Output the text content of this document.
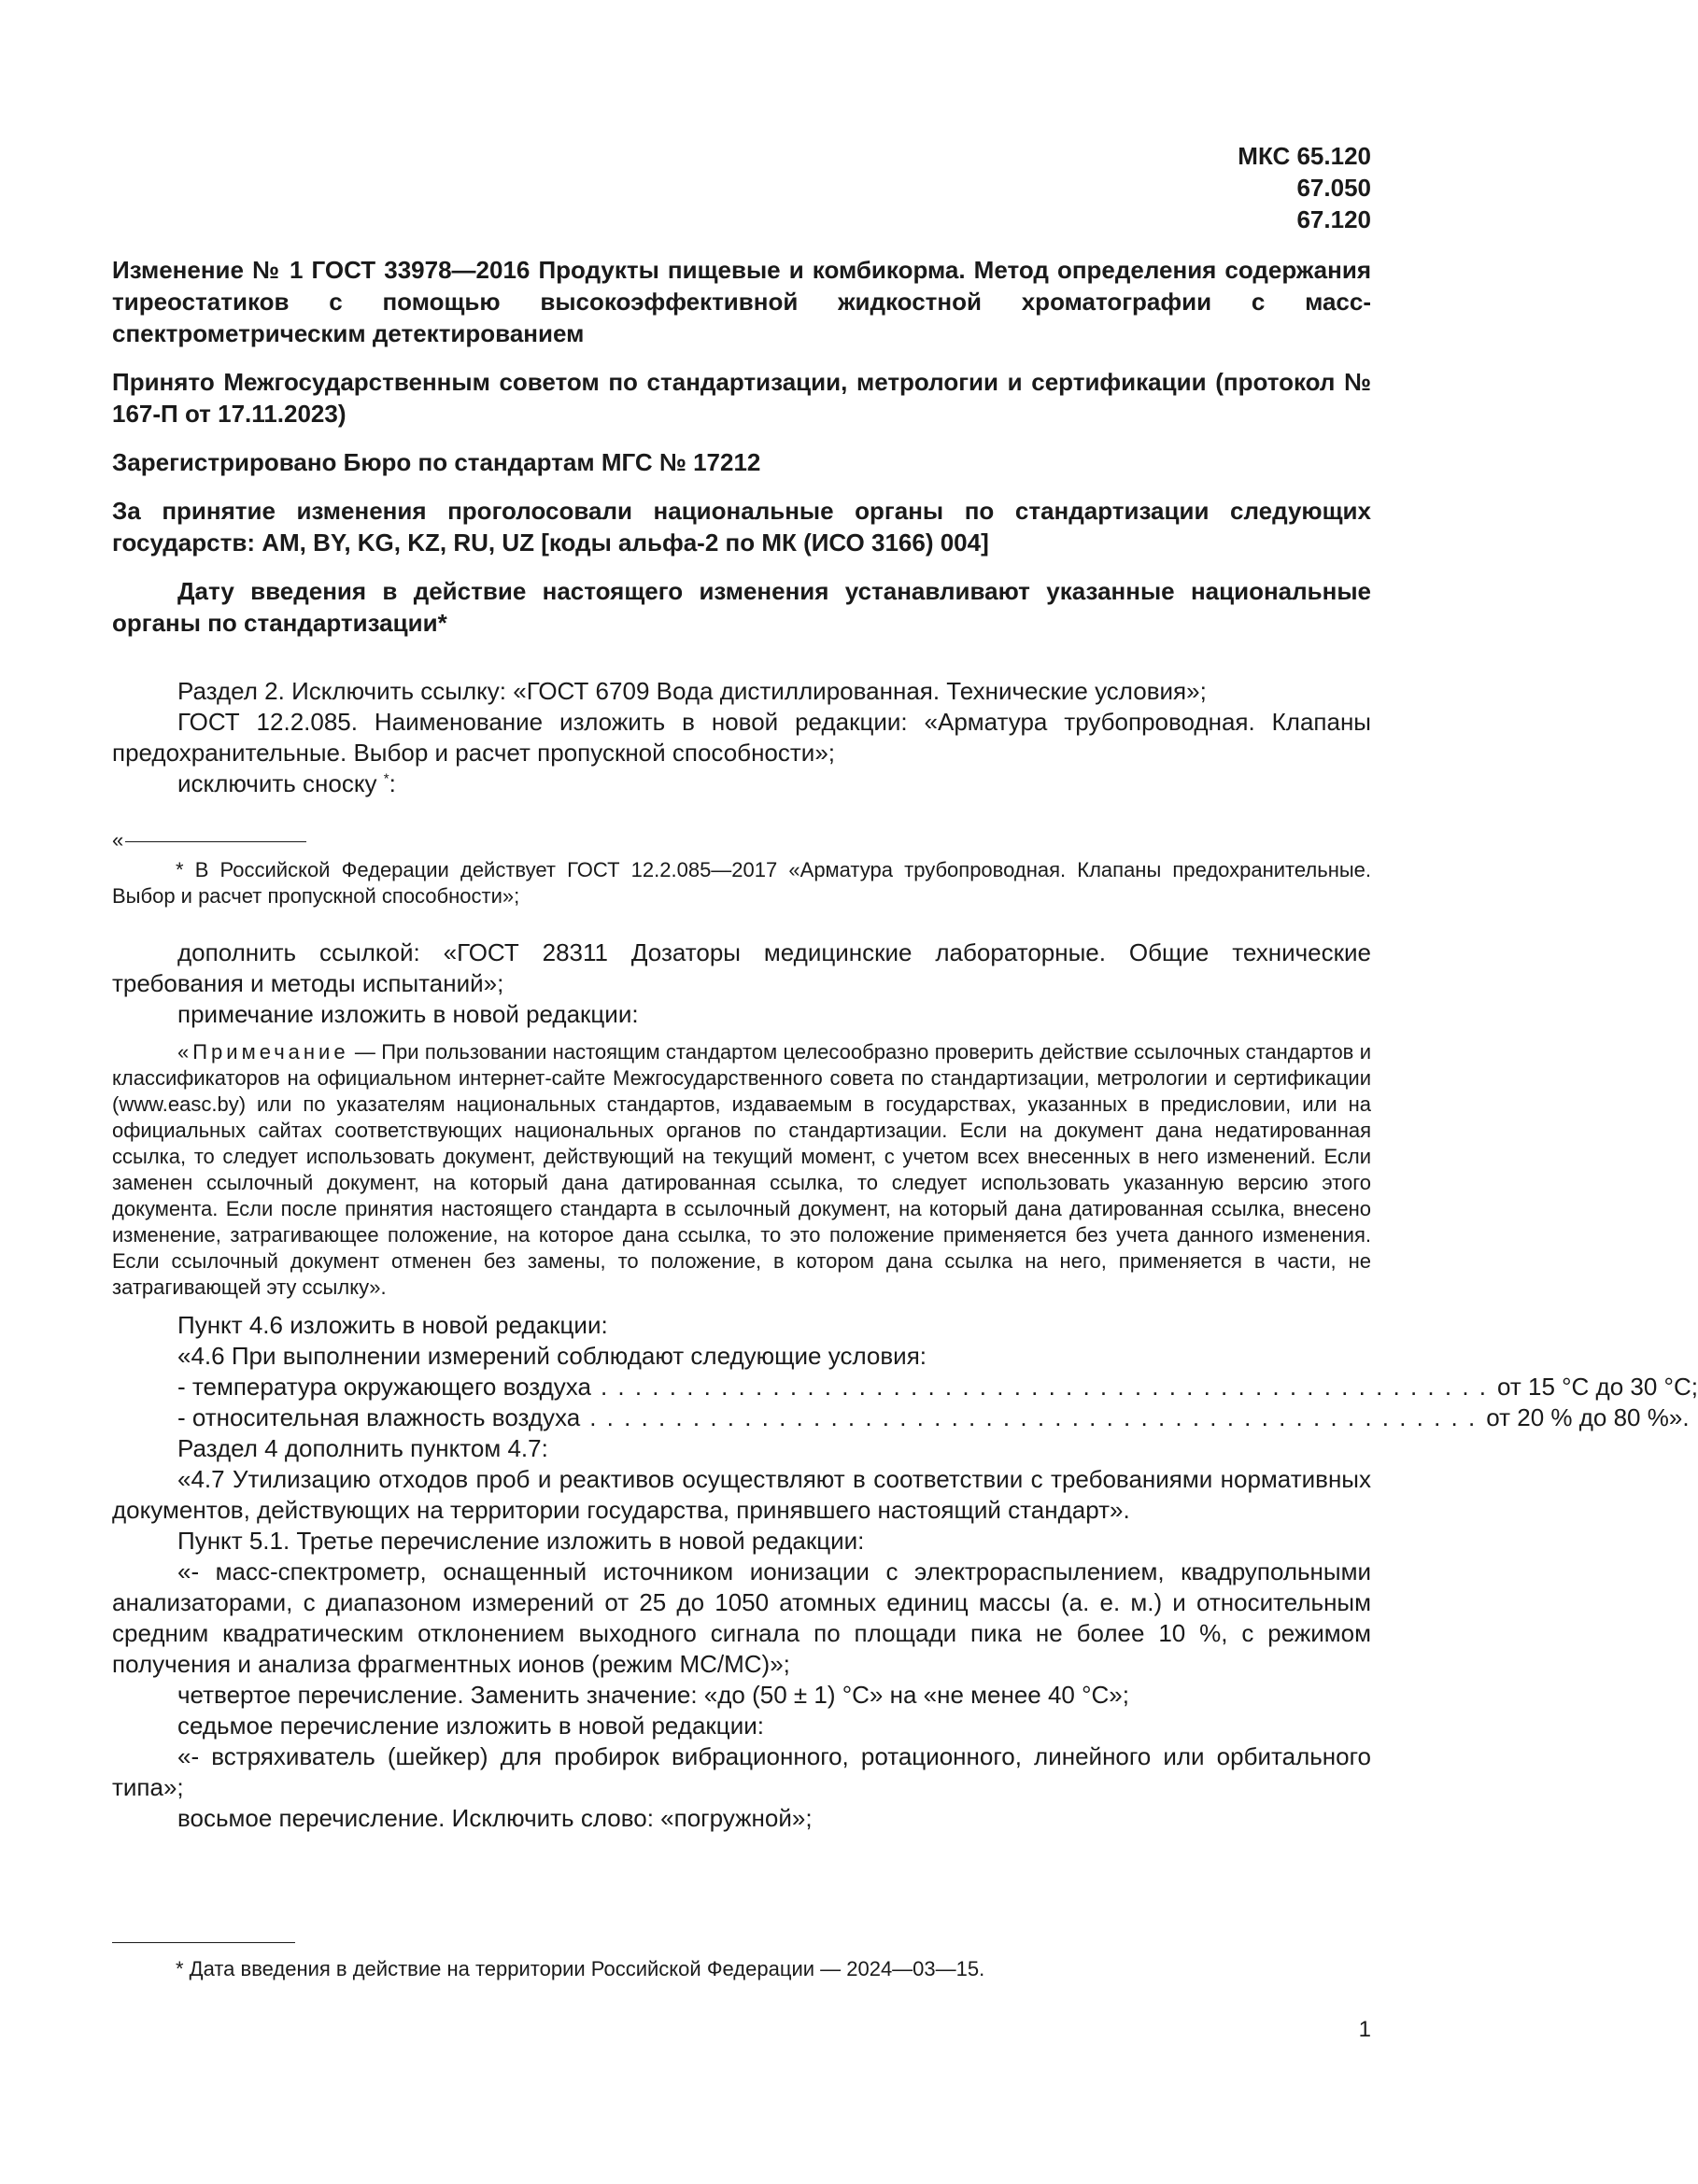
МКС 65.120
67.050
67.120
Изменение № 1 ГОСТ 33978—2016 Продукты пищевые и комбикорма. Метод определения содержания тиреостатиков с помощью высокоэффективной жидкостной хроматографии с масс-спектрометрическим детектированием
Принято Межгосударственным советом по стандартизации, метрологии и сертификации (протокол № 167-П от 17.11.2023)
Зарегистрировано Бюро по стандартам МГС № 17212
За принятие изменения проголосовали национальные органы по стандартизации следующих государств: AM, BY, KG, KZ, RU, UZ [коды альфа-2 по МК (ИСО 3166) 004]
Дату введения в действие настоящего изменения устанавливают указанные национальные органы по стандартизации*
Раздел 2. Исключить ссылку: «ГОСТ 6709 Вода дистиллированная. Технические условия»;
ГОСТ 12.2.085. Наименование изложить в новой редакции: «Арматура трубопроводная. Клапаны предохранительные. Выбор и расчет пропускной способности»;
исключить сноску *:
«
* В Российской Федерации действует ГОСТ 12.2.085—2017 «Арматура трубопроводная. Клапаны предохранительные. Выбор и расчет пропускной способности»;
дополнить ссылкой: «ГОСТ 28311 Дозаторы медицинские лабораторные. Общие технические требования и методы испытаний»;
примечание изложить в новой редакции:
«Примечание — При пользовании настоящим стандартом целесообразно проверить действие ссылочных стандартов и классификаторов на официальном интернет-сайте Межгосударственного совета по стандартизации, метрологии и сертификации (www.easc.by) или по указателям национальных стандартов, издаваемым в государствах, указанных в предисловии, или на официальных сайтах соответствующих национальных органов по стандартизации. Если на документ дана недатированная ссылка, то следует использовать документ, действующий на текущий момент, с учетом всех внесенных в него изменений. Если заменен ссылочный документ, на который дана датированная ссылка, то следует использовать указанную версию этого документа. Если после принятия настоящего стандарта в ссылочный документ, на который дана датированная ссылка, внесено изменение, затрагивающее положение, на которое дана ссылка, то это положение применяется без учета данного изменения. Если ссылочный документ отменен без замены, то положение, в котором дана ссылка на него, применяется в части, не затрагивающей эту ссылку».
Пункт 4.6 изложить в новой редакции:
«4.6 При выполнении измерений соблюдают следующие условия:
- температура окружающего воздуха . . . . . . . . . . . . . . . . . . . . . . . . . . . . . . . . . . . . . . . . . . . . . . . . . . . . от 15 °С до 30 °С;
- относительная влажность воздуха . . . . . . . . . . . . . . . . . . . . . . . . . . . . . . . . . . . . . . . . . . . . . . . . . . . . от 20 % до 80 %».
Раздел 4 дополнить пунктом 4.7:
«4.7 Утилизацию отходов проб и реактивов осуществляют в соответствии с требованиями нормативных документов, действующих на территории государства, принявшего настоящий стандарт».
Пункт 5.1. Третье перечисление изложить в новой редакции:
«- масс-спектрометр, оснащенный источником ионизации с электрораспылением, квадрупольными анализаторами, с диапазоном измерений от 25 до 1050 атомных единиц массы (а. е. м.) и относительным средним квадратическим отклонением выходного сигнала по площади пика не более 10 %, с режимом получения и анализа фрагментных ионов (режим МС/МС)»;
четвертое перечисление. Заменить значение: «до (50 ± 1) °С» на «не менее 40 °С»;
седьмое перечисление изложить в новой редакции:
«- встряхиватель (шейкер) для пробирок вибрационного, ротационного, линейного или орбитального типа»;
восьмое перечисление. Исключить слово: «погружной»;
* Дата введения в действие на территории Российской Федерации — 2024—03—15.
1
